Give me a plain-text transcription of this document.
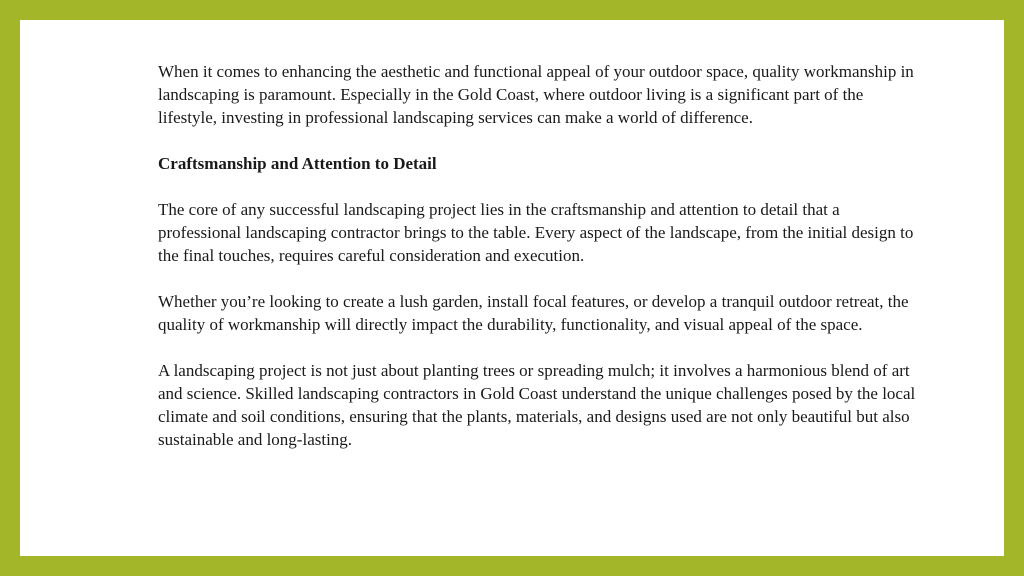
When it comes to enhancing the aesthetic and functional appeal of your outdoor space, quality workmanship in landscaping is paramount. Especially in the Gold Coast, where outdoor living is a significant part of the lifestyle, investing in professional landscaping services can make a world of difference.

Craftsmanship and Attention to Detail

The core of any successful landscaping project lies in the craftsmanship and attention to detail that a professional landscaping contractor brings to the table. Every aspect of the landscape, from the initial design to the final touches, requires careful consideration and execution.

Whether you’re looking to create a lush garden, install focal features, or develop a tranquil outdoor retreat, the quality of workmanship will directly impact the durability, functionality, and visual appeal of the space.

A landscaping project is not just about planting trees or spreading mulch; it involves a harmonious blend of art and science. Skilled landscaping contractors in Gold Coast understand the unique challenges posed by the local climate and soil conditions, ensuring that the plants, materials, and designs used are not only beautiful but also sustainable and long-lasting.
